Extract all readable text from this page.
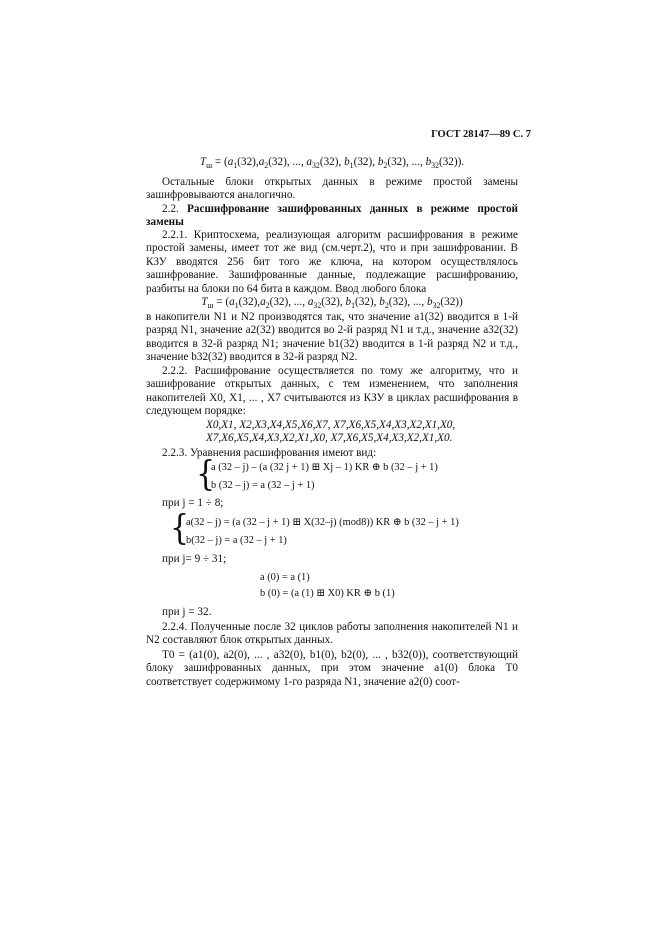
ГОСТ 28147—89 С. 7
$T_ш = (a_1(32),a_2(32)$, ..., $a_{32}(32)$, $b_1(32)$, $b_2(32)$, ..., $b_{32}(32)$).
Остальные блоки открытых данных в режиме простой замены зашифровываются аналогично.
2.2. Расшифрование зашифрованных данных в режиме простой замены
2.2.1. Криптосхема, реализующая алгоритм расшифрования в режиме простой замены, имеет тот же вид (см.черт.2), что и при зашифровании. В КЗУ вводятся 256 бит того же ключа, на котором осуществлялось зашифрование. Зашифрованные данные, подлежащие расшифрованию, разбиты на блоки по 64 бита в каждом. Ввод любого блока
$T_ш = (a_1(32),a_2(32)$, ..., $a_{32}(32)$, $b_1(32)$, $b_2(32)$, ..., $b_{32}(32)$)
в накопители N1 и N2 производятся так, что значение a1(32) вводится в 1-й разряд N1, значение a2(32) вводится во 2-й разряд N1 и т.д., значение a32(32) вводится в 32-й разряд N1; значение b1(32) вводится в 1-й разряд N2 и т.д., значение b32(32) вводится в 32-й разряд N2.
2.2.2. Расшифрование осуществляется по тому же алгоритму, что и зашифрование открытых данных, с тем изменением, что заполнения накопителей X0, X1, ... , X7 считываются из КЗУ в циклах расшифрования в следующем порядке:
X0,X1, X2,X3,X4,X5,X6,X7, X7,X6,X5,X4,X3,X2,X1,X0,
X7,X6,X5,X4,X3,X2,X1,X0, X7,X6,X5,X4,X3,X2,X1,X0.
2.2.3. Уравнения расшифрования имеют вид:
{
a (32 – j) – (a (32 j + 1) ⊞ Xj – 1) KR ⊕ b (32 – j + 1)
b (32 – j) = a (32 – j + 1)
при j = 1 ÷ 8;
{
a(32 – j) = (a (32 – j + 1) ⊞ X(32–j) (mod8)) KR ⊕ b (32 – j + 1)
b(32 – j) = a (32 – j + 1)
при j= 9 ÷ 31;
a (0) = a (1)
b (0) = (a (1) ⊞ X0) KR ⊕ b (1)
при j = 32.
2.2.4. Полученные после 32 циклов работы заполнения накопителей N1 и N2 составляют блок открытых данных.
T0 = (a1(0), a2(0), ... , a32(0), b1(0), b2(0), ... , b32(0)), соответствующий блоку зашифрованных данных, при этом значение a1(0) блока T0 соответствует содержимому 1-го разряда N1, значение a2(0) соот-
